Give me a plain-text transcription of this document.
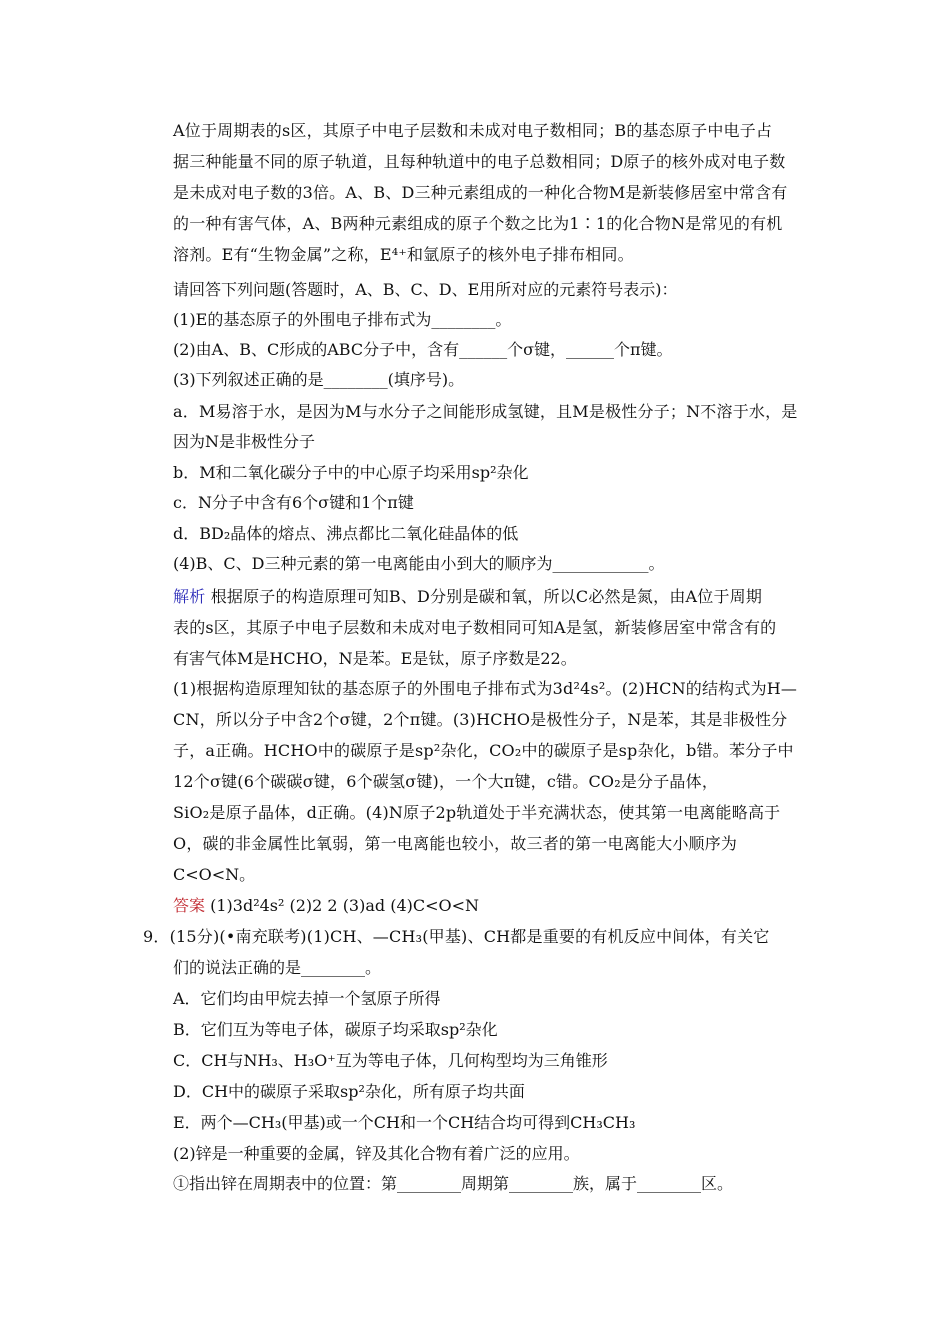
A位于周期表的s区，其原子中电子层数和未成对电子数相同；B的基态原子中电子占
据三种能量不同的原子轨道，且每种轨道中的电子总数相同；D原子的核外成对电子数
是未成对电子数的3倍。A、B、D三种元素组成的一种化合物M是新装修居室中常含有
的一种有害气体，A、B两种元素组成的原子个数之比为1∶1的化合物N是常见的有机
溶剂。E有“生物金属”之称，E⁴⁺和氩原子的核外电子排布相同。
请回答下列问题(答题时，A、B、C、D、E用所对应的元素符号表示)：
(1)E的基态原子的外围电子排布式为________。
(2)由A、B、C形成的ABC分子中，含有______个σ键，______个π键。
(3)下列叙述正确的是________(填序号)。
a．M易溶于水，是因为M与水分子之间能形成氢键，且M是极性分子；N不溶于水，是
因为N是非极性分子
b．M和二氧化碳分子中的中心原子均采用sp²杂化
c．N分子中含有6个σ键和1个π键
d．BD₂晶体的熔点、沸点都比二氧化硅晶体的低
(4)B、C、D三种元素的第一电离能由小到大的顺序为____________。
解析 根据原子的构造原理可知B、D分别是碳和氧，所以C必然是氮，由A位于周期
表的s区，其原子中电子层数和未成对电子数相同可知A是氢，新装修居室中常含有的
有害气体M是HCHO，N是苯。E是钛，原子序数是22。
(1)根据构造原理知钛的基态原子的外围电子排布式为3d²4s²。(2)HCN的结构式为H—
CN，所以分子中含2个σ键，2个π键。(3)HCHO是极性分子，N是苯，其是非极性分
子，a正确。HCHO中的碳原子是sp²杂化，CO₂中的碳原子是sp杂化，b错。苯分子中
12个σ键(6个碳碳σ键，6个碳氢σ键)，一个大π键，c错。CO₂是分子晶体，
SiO₂是原子晶体，d正确。(4)N原子2p轨道处于半充满状态，使其第一电离能略高于
O，碳的非金属性比氧弱，第一电离能也较小，故三者的第一电离能大小顺序为
C<O<N。
答案 (1)3d²4s² (2)2 2 (3)ad (4)C<O<N
9．(15分)(•南充联考)(1)CH、—CH₃(甲基)、CH都是重要的有机反应中间体，有关它
们的说法正确的是________。
A．它们均由甲烷去掉一个氢原子所得
B．它们互为等电子体，碳原子均采取sp²杂化
C．CH与NH₃、H₃O⁺互为等电子体，几何构型均为三角锥形
D．CH中的碳原子采取sp²杂化，所有原子均共面
E．两个—CH₃(甲基)或一个CH和一个CH结合均可得到CH₃CH₃
(2)锌是一种重要的金属，锌及其化合物有着广泛的应用。
①指出锌在周期表中的位置：第________周期第________族，属于________区。
